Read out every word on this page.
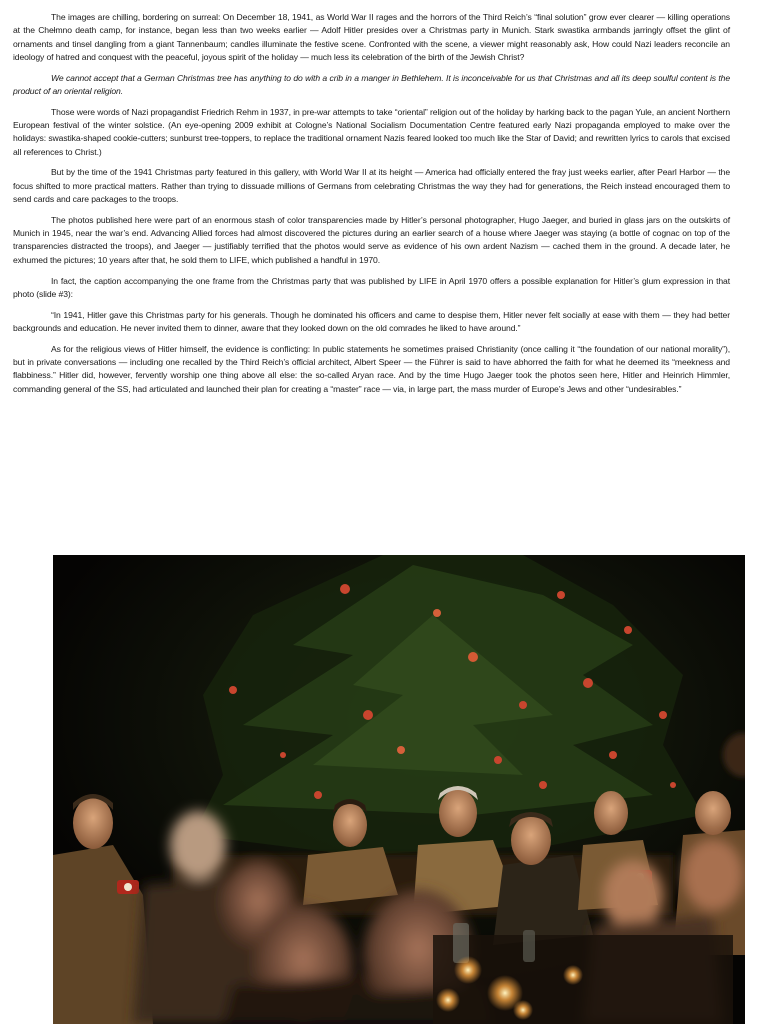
The images are chilling, bordering on surreal: On December 18, 1941, as World War II rages and the horrors of the Third Reich’s “final solution” grow ever clearer — killing operations at the Chełmno death camp, for instance, began less than two weeks earlier — Adolf Hitler presides over a Christmas party in Munich. Stark swastika armbands jarringly offset the glint of ornaments and tinsel dangling from a giant Tannenbaum; candles illuminate the festive scene. Confronted with the scene, a viewer might reasonably ask, How could Nazi leaders reconcile an ideology of hatred and conquest with the peaceful, joyous spirit of the holiday — much less its celebration of the birth of the Jewish Christ?

We cannot accept that a German Christmas tree has anything to do with a crib in a manger in Bethlehem. It is inconceivable for us that Christmas and all its deep soulful content is the product of an oriental religion.

Those were words of Nazi propagandist Friedrich Rehm in 1937, in pre-war attempts to take “oriental” religion out of the holiday by harking back to the pagan Yule, an ancient Northern European festival of the winter solstice. (An eye-opening 2009 exhibit at Cologne’s National Socialism Documentation Centre featured early Nazi propaganda employed to make over the holidays: swastika-shaped cookie-cutters; sunburst tree-toppers, to replace the traditional ornament Nazis feared looked too much like the Star of David; and rewritten lyrics to carols that excised all references to Christ.)

But by the time of the 1941 Christmas party featured in this gallery, with World War II at its height — America had officially entered the fray just weeks earlier, after Pearl Harbor — the focus shifted to more practical matters. Rather than trying to dissuade millions of Germans from celebrating Christmas the way they had for generations, the Reich instead encouraged them to send cards and care packages to the troops.

The photos published here were part of an enormous stash of color transparencies made by Hitler’s personal photographer, Hugo Jaeger, and buried in glass jars on the outskirts of Munich in 1945, near the war’s end. Advancing Allied forces had almost discovered the pictures during an earlier search of a house where Jaeger was staying (a bottle of cognac on top of the transparencies distracted the troops), and Jaeger — justifiably terrified that the photos would serve as evidence of his own ardent Nazism — cached them in the ground. A decade later, he exhumed the pictures; 10 years after that, he sold them to LIFE, which published a handful in 1970.

In fact, the caption accompanying the one frame from the Christmas party that was published by LIFE in April 1970 offers a possible explanation for Hitler’s glum expression in that photo (slide #3):

“In 1941, Hitler gave this Christmas party for his generals. Though he dominated his officers and came to despise them, Hitler never felt socially at ease with them — they had better backgrounds and education. He never invited them to dinner, aware that they looked down on the old comrades he liked to have around.”

As for the religious views of Hitler himself, the evidence is conflicting: In public statements he sometimes praised Christianity (once calling it “the foundation of our national morality”), but in private conversations — including one recalled by the Third Reich’s official architect, Albert Speer — the Führer is said to have abhorred the faith for what he deemed its “meekness and flabbiness.” Hitler did, however, fervently worship one thing above all else: the so-called Aryan race. And by the time Hugo Jaeger took the photos seen here, Hitler and Heinrich Himmler, commanding general of the SS, had articulated and launched their plan for creating a “master” race — via, in large part, the mass murder of Europe’s Jews and other “undesirables.”
